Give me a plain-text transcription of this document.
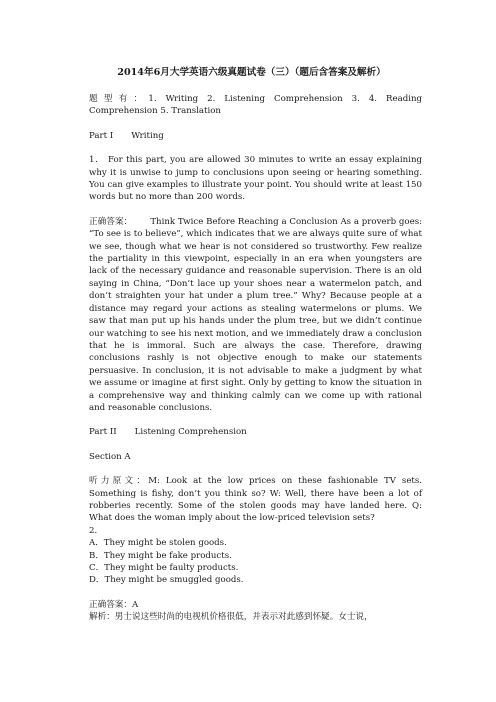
2014年6月大学英语六级真题试卷（三）（题后含答案及解析）

题型有：1. Writing 2. Listening Comprehension 3. 4. Reading Comprehension 5. Translation

Part I Writing

1． For this part, you are allowed 30 minutes to write an essay explaining why it is unwise to jump to conclusions upon seeing or hearing something. You can give examples to illustrate your point. You should write at least 150 words but no more than 200 words.

正确答案： Think Twice Before Reaching a Conclusion As a proverb goes: “To see is to believe”, which indicates that we are always quite sure of what we see, though what we hear is not considered so trustworthy. Few realize the partiality in this viewpoint, especially in an era when youngsters are lack of the necessary guidance and reasonable supervision. There is an old saying in China, “Don’t lace up your shoes near a watermelon patch, and don’t straighten your hat under a plum tree.” Why? Because people at a distance may regard your actions as stealing watermelons or plums. We saw that man put up his hands under the plum tree, but we didn’t continue our watching to see his next motion, and we immediately draw a conclusion that he is immoral. Such are always the case. Therefore, drawing conclusions rashly is not objective enough to make our statements persuasive. In conclusion, it is not advisable to make a judgment by what we assume or imagine at first sight. Only by getting to know the situation in a comprehensive way and thinking calmly can we come up with rational and reasonable conclusions.

Part II Listening Comprehension

Section A

听力原文：M: Look at the low prices on these fashionable TV sets. Something is fishy, don’t you think so? W: Well, there have been a lot of robberies recently. Some of the stolen goods may have landed here. Q: What does the woman imply about the low-priced television sets?

2．

A．They might be stolen goods.

B．They might be fake products.

C．They might be faulty products.

D．They might be smuggled goods.

正确答案：A

解析：男士说这些时尚的电视机价格很低，并表示对此感到怀疑。女士说，
